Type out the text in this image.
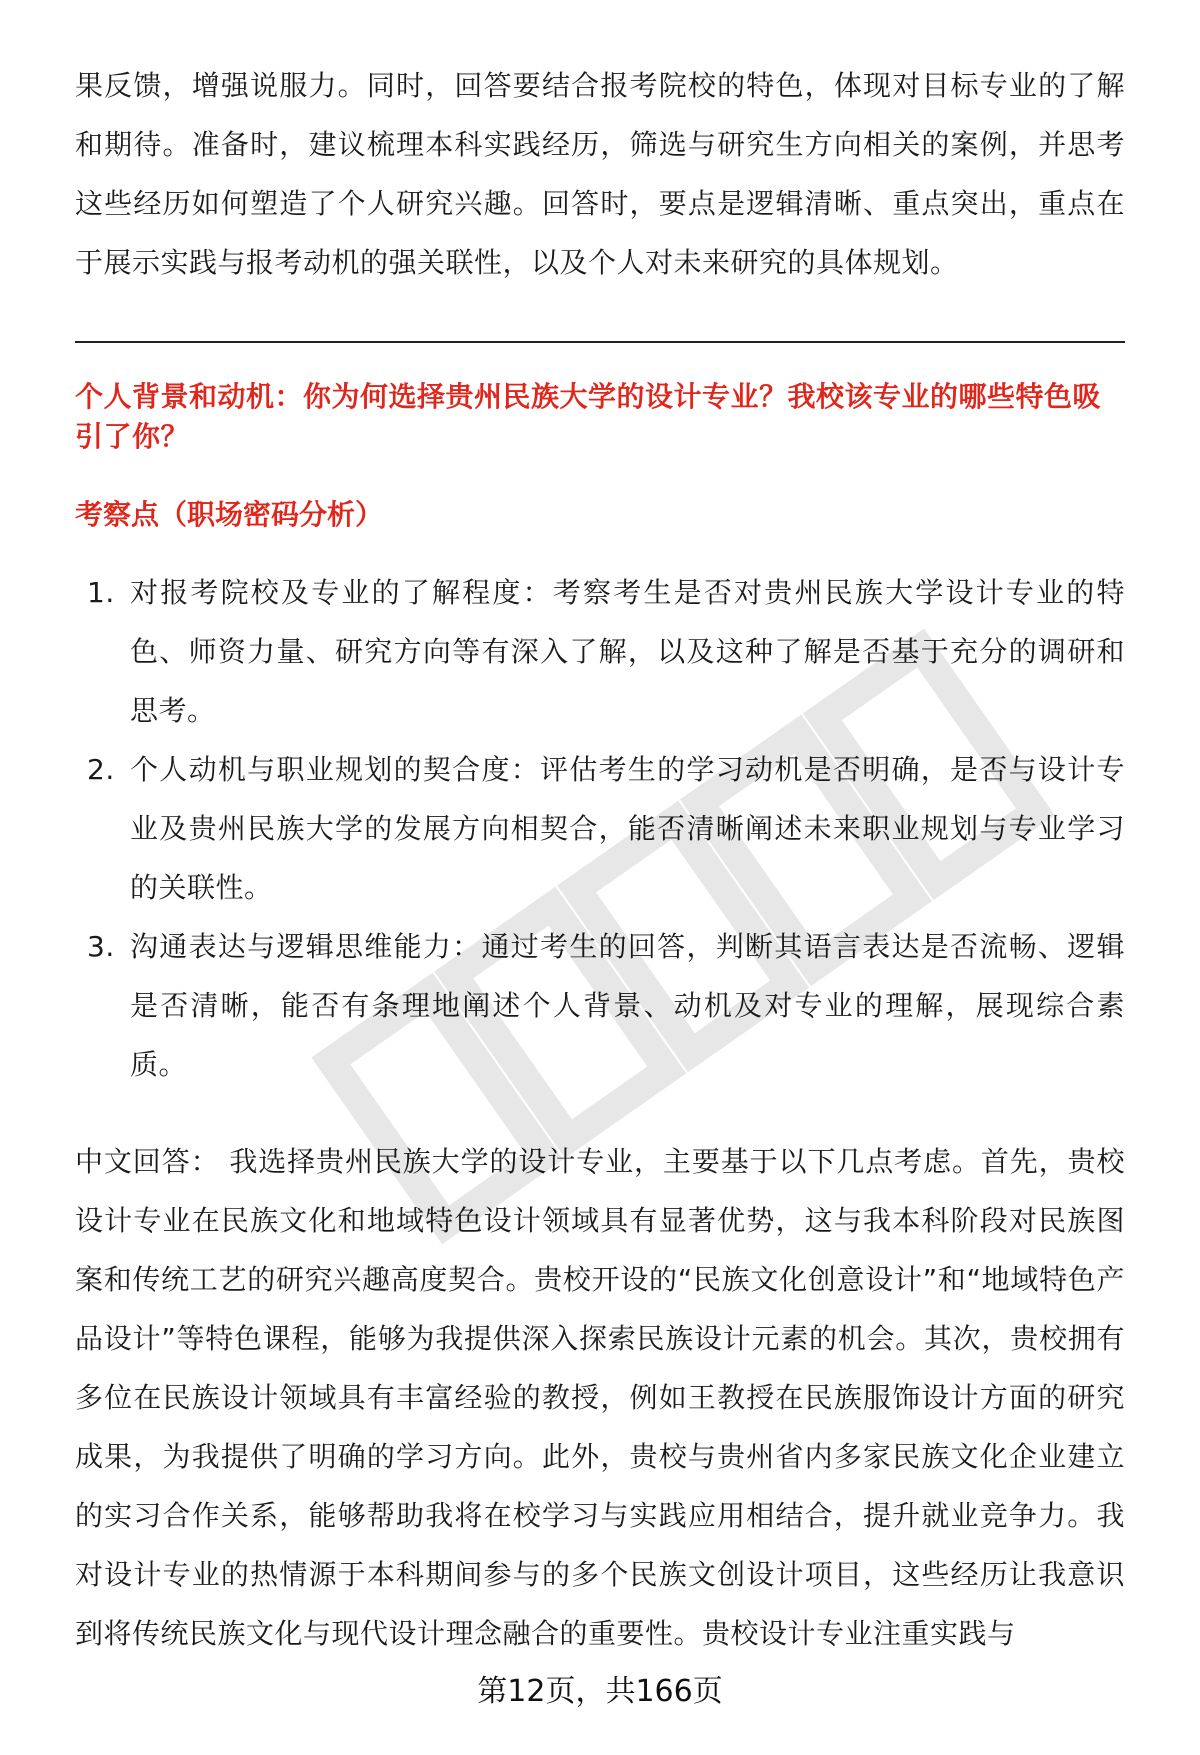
果反馈，增强说服力。同时，回答要结合报考院校的特色，体现对目标专业的了解和期待。准备时，建议梳理本科实践经历，筛选与研究生方向相关的案例，并思考这些经历如何塑造了个人研究兴趣。回答时，要点是逻辑清晰、重点突出，重点在于展示实践与报考动机的强关联性，以及个人对未来研究的具体规划。

个人背景和动机：你为何选择贵州民族大学的设计专业？我校该专业的哪些特色吸引了你？
考察点（职场密码分析）
1. 对报考院校及专业的了解程度：考察考生是否对贵州民族大学设计专业的特色、师资力量、研究方向等有深入了解，以及这种了解是否基于充分的调研和思考。
2. 个人动机与职业规划的契合度：评估考生的学习动机是否明确，是否与设计专业及贵州民族大学的发展方向相契合，能否清晰阐述未来职业规划与专业学习的关联性。
3. 沟通表达与逻辑思维能力：通过考生的回答，判断其语言表达是否流畅、逻辑是否清晰，能否有条理地阐述个人背景、动机及对专业的理解，展现综合素质。

中文回答： 我选择贵州民族大学的设计专业，主要基于以下几点考虑。首先，贵校设计专业在民族文化和地域特色设计领域具有显著优势，这与我本科阶段对民族图案和传统工艺的研究兴趣高度契合。贵校开设的“民族文化创意设计”和“地域特色产品设计”等特色课程，能够为我提供深入探索民族设计元素的机会。其次，贵校拥有多位在民族设计领域具有丰富经验的教授，例如王教授在民族服饰设计方面的研究成果，为我提供了明确的学习方向。此外，贵校与贵州省内多家民族文化企业建立的实习合作关系，能够帮助我将在校学习与实践应用相结合，提升就业竞争力。我对设计专业的热情源于本科期间参与的多个民族文创设计项目，这些经历让我意识到将传统民族文化与现代设计理念融合的重要性。贵校设计专业注重实践与

第12页，共166页
